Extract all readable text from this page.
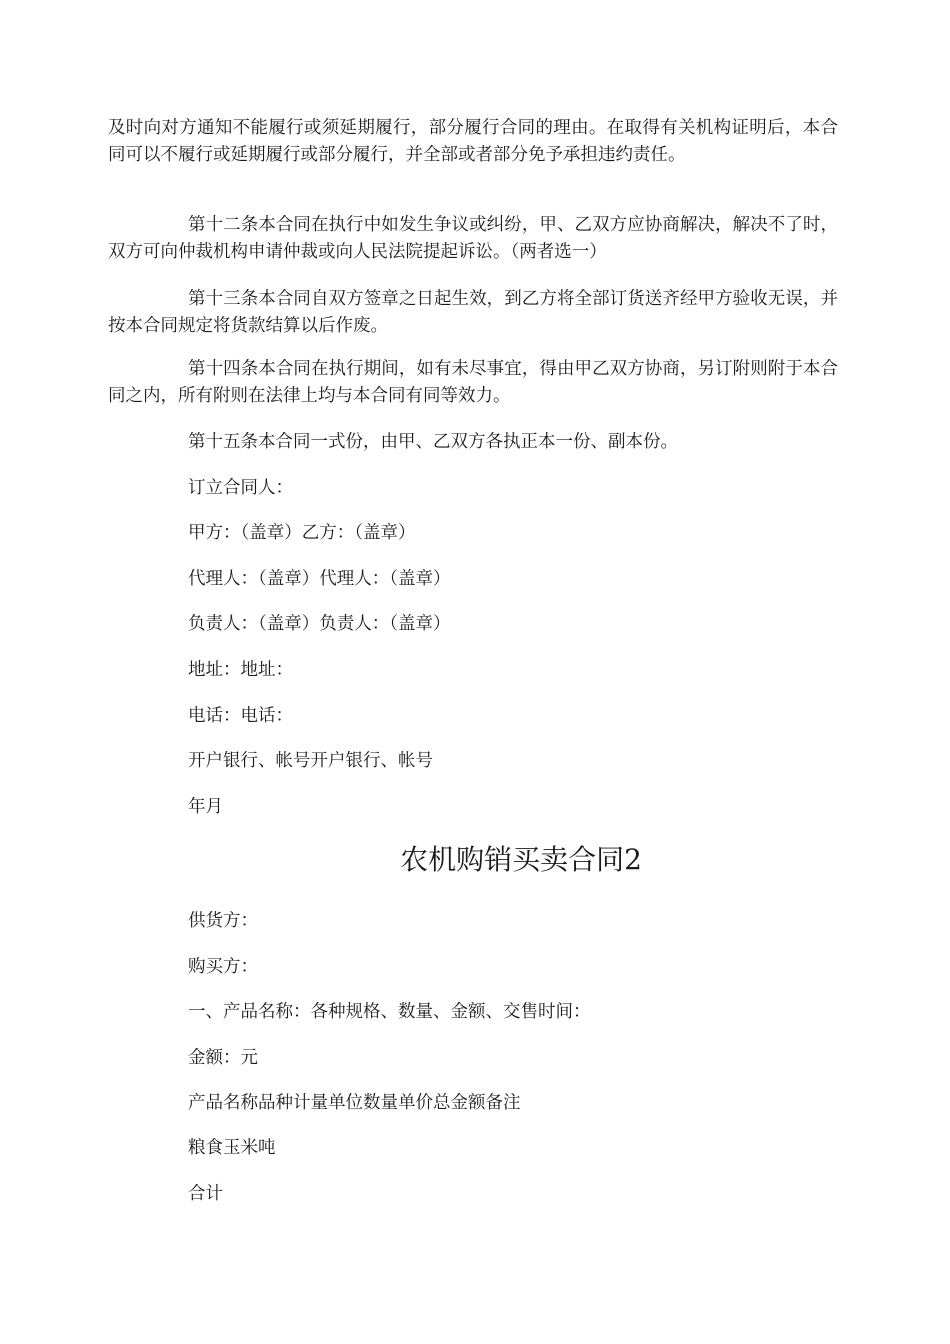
及时向对方通知不能履行或须延期履行，部分履行合同的理由。在取得有关机构证明后，本合同可以不履行或延期履行或部分履行，并全部或者部分免予承担违约责任。

第十二条本合同在执行中如发生争议或纠纷，甲、乙双方应协商解决，解决不了时，双方可向仲裁机构申请仲裁或向人民法院提起诉讼。（两者选一）

第十三条本合同自双方签章之日起生效，到乙方将全部订货送齐经甲方验收无误，并按本合同规定将货款结算以后作废。

第十四条本合同在执行期间，如有未尽事宜，得由甲乙双方协商，另订附则附于本合同之内，所有附则在法律上均与本合同有同等效力。

第十五条本合同一式份，由甲、乙双方各执正本一份、副本份。

订立合同人：

甲方：（盖章）乙方：（盖章）

代理人：（盖章）代理人：（盖章）

负责人：（盖章）负责人：（盖章）

地址：地址：

电话：电话：

开户银行、帐号开户银行、帐号

年月

农机购销买卖合同2

供货方：

购买方：

一、产品名称：各种规格、数量、金额、交售时间：

金额：元

产品名称品种计量单位数量单价总金额备注

粮食玉米吨

合计
